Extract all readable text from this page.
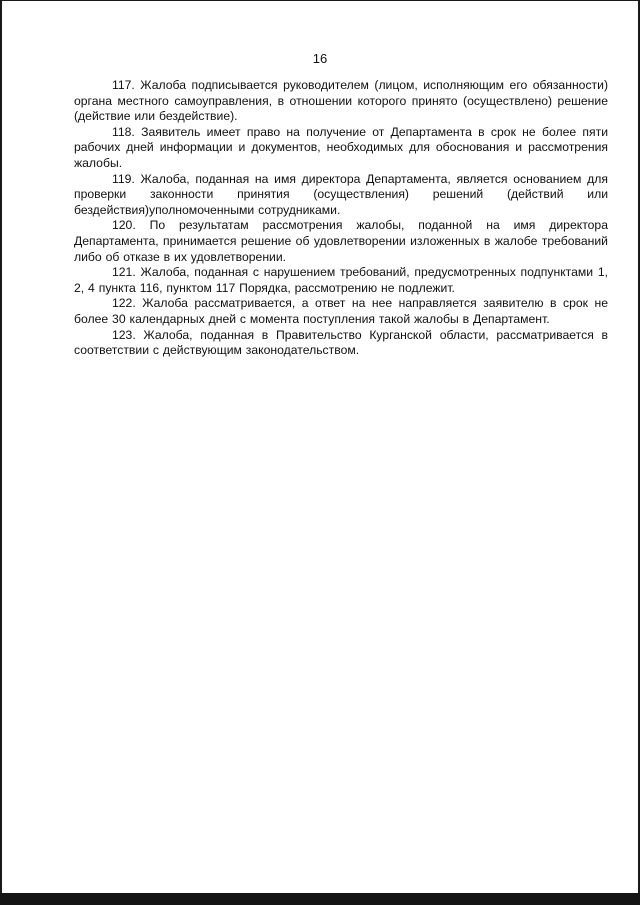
16

117. Жалоба подписывается руководителем (лицом, исполняющим его обязанности) органа местного самоуправления, в отношении которого принято (осуществлено) решение (действие или бездействие).

118. Заявитель имеет право на получение от Департамента в срок не более пяти рабочих дней информации и документов, необходимых для обоснования и рассмотрения жалобы.

119. Жалоба, поданная на имя директора Департамента, является основанием для проверки законности принятия (осуществления) решений (действий или бездействия)уполномоченными сотрудниками.

120. По результатам рассмотрения жалобы, поданной на имя директора Департамента, принимается решение об удовлетворении изложенных в жалобе требований либо об отказе в их удовлетворении.

121. Жалоба, поданная с нарушением требований, предусмотренных подпунктами 1, 2, 4 пункта 116, пунктом 117 Порядка, рассмотрению не подлежит.

122. Жалоба рассматривается, а ответ на нее направляется заявителю в срок не более 30 календарных дней с момента поступления такой жалобы в Департамент.

123. Жалоба, поданная в Правительство Курганской области, рассматривается в соответствии с действующим законодательством.
